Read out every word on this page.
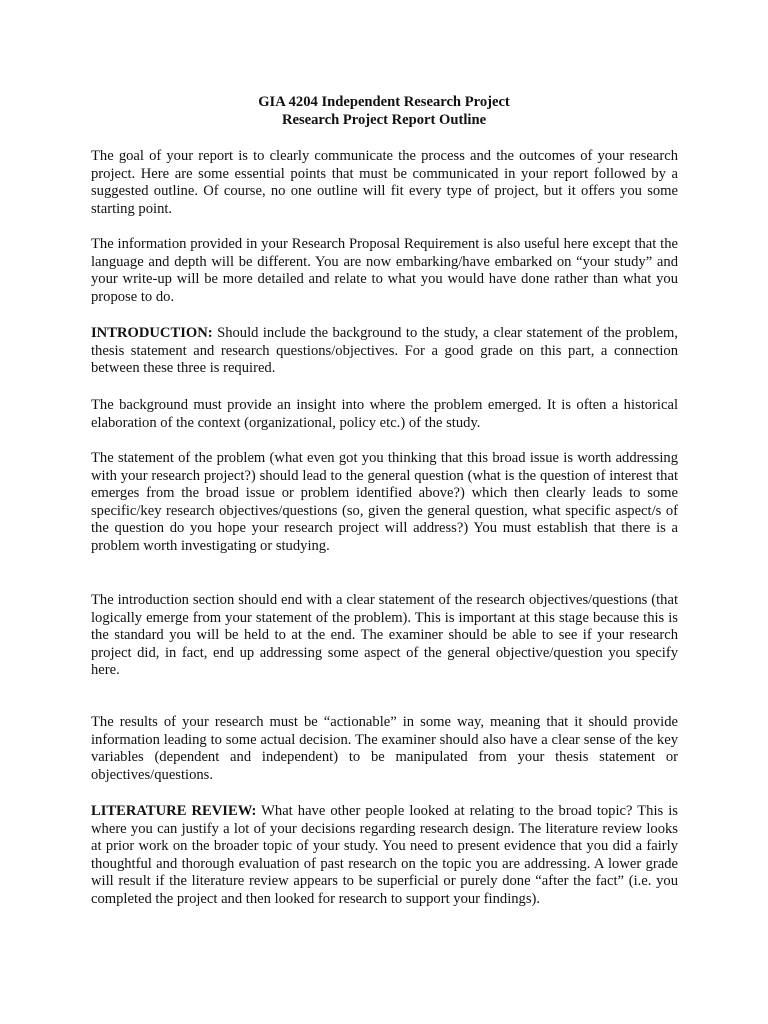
GIA 4204 Independent Research Project
Research Project Report Outline

The goal of your report is to clearly communicate the process and the outcomes of your research project. Here are some essential points that must be communicated in your report followed by a suggested outline. Of course, no one outline will fit every type of project, but it offers you some starting point.

The information provided in your Research Proposal Requirement is also useful here except that the language and depth will be different. You are now embarking/have embarked on “your study” and your write-up will be more detailed and relate to what you would have done rather than what you propose to do.

INTRODUCTION: Should include the background to the study, a clear statement of the problem, thesis statement and research questions/objectives. For a good grade on this part, a connection between these three is required.

The background must provide an insight into where the problem emerged. It is often a historical elaboration of the context (organizational, policy etc.) of the study.

The statement of the problem (what even got you thinking that this broad issue is worth addressing with your research project?) should lead to the general question (what is the question of interest that emerges from the broad issue or problem identified above?) which then clearly leads to some specific/key research objectives/questions (so, given the general question, what specific aspect/s of the question do you hope your research project will address?) You must establish that there is a problem worth investigating or studying.

The introduction section should end with a clear statement of the research objectives/questions (that logically emerge from your statement of the problem). This is important at this stage because this is the standard you will be held to at the end. The examiner should be able to see if your research project did, in fact, end up addressing some aspect of the general objective/question you specify here.

The results of your research must be “actionable” in some way, meaning that it should provide information leading to some actual decision. The examiner should also have a clear sense of the key variables (dependent and independent) to be manipulated from your thesis statement or objectives/questions.

LITERATURE REVIEW: What have other people looked at relating to the broad topic? This is where you can justify a lot of your decisions regarding research design. The literature review looks at prior work on the broader topic of your study. You need to present evidence that you did a fairly thoughtful and thorough evaluation of past research on the topic you are addressing. A lower grade will result if the literature review appears to be superficial or purely done “after the fact” (i.e. you completed the project and then looked for research to support your findings).
